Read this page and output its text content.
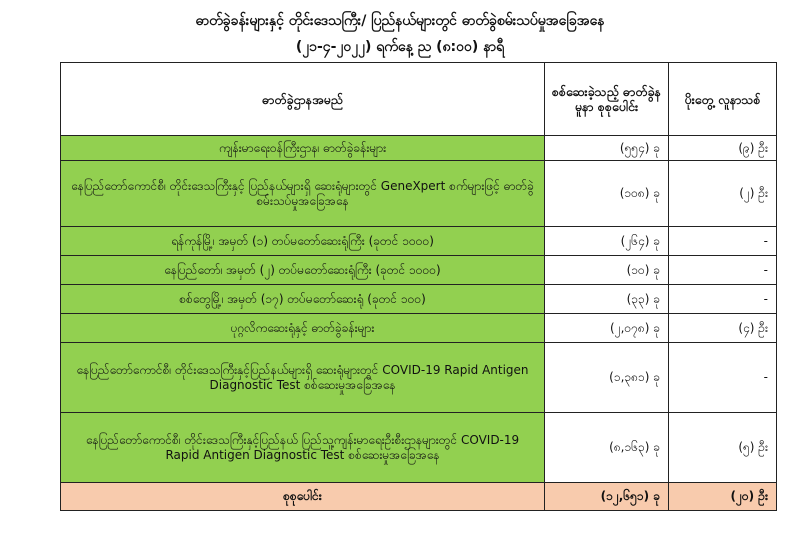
ဓာတ်ခွဲခန်းများနှင့် တိုင်းဒေသကြီး/ ပြည်နယ်များတွင် ဓာတ်ခွဲစမ်းသပ်မှုအခြေအနေ
(၂၁-၄-၂၀၂၂) ရက်နေ့ ည (၈:၀၀) နာရီ
ဓာတ်ခွဲဌာနအမည်	စစ်ဆေးခဲ့သည့် ဓာတ်ခွဲနမူနာ စုစုပေါင်း	ပိုးတွေ့ လူနာသစ်
ကျန်းမာရေးဝန်ကြီးဌာန၊ ဓာတ်ခွဲခန်းများ	(၅၅၄) ခု	(၉) ဦး
နေပြည်တော်ကောင်စီ၊ တိုင်းဒေသကြီးနှင့် ပြည်နယ်များရှိ ဆေးရုံများတွင် GeneXpert စက်များဖြင့် ဓာတ်ခွဲစမ်းသပ်မှုအခြေအနေ	(၁၀၈) ခု	(၂) ဦး
ရန်ကုန်မြို့၊ အမှတ် (၁) တပ်မတော်ဆေးရုံကြီး (ခုတင် ၁၀၀၀)	(၂၆၄) ခု	-
နေပြည်တော်၊ အမှတ် (၂) တပ်မတော်ဆေးရုံကြီး (ခုတင် ၁၀၀၀)	(၁၀) ခု	-
စစ်တွေမြို့၊ အမှတ် (၁၇) တပ်မတော်ဆေးရုံ (ခုတင် ၁၀၀)	(၃၃) ခု	-
ပုဂ္ဂလိကဆေးရုံနှင့် ဓာတ်ခွဲခန်းများ	(၂,၀၇၈) ခု	(၄) ဦး
နေပြည်တော်ကောင်စီ၊ တိုင်းဒေသကြီးနှင့်ပြည်နယ်များရှိ ဆေးရုံများတွင် COVID-19 Rapid Antigen Diagnostic Test စစ်ဆေးမှုအခြေအနေ	(၁,၃၈၁) ခု	-
နေပြည်တော်ကောင်စီ၊ တိုင်းဒေသကြီးနှင့်ပြည်နယ် ပြည်သူ့ကျန်းမာရေးဦးစီးဌာနများတွင် COVID-19 Rapid Antigen Diagnostic Test စစ်ဆေးမှုအခြေအနေ	(၈,၁၆၃) ခု	(၅) ဦး
စုစုပေါင်း	(၁၂,၆၅၁) ခု	(၂၀) ဦး
